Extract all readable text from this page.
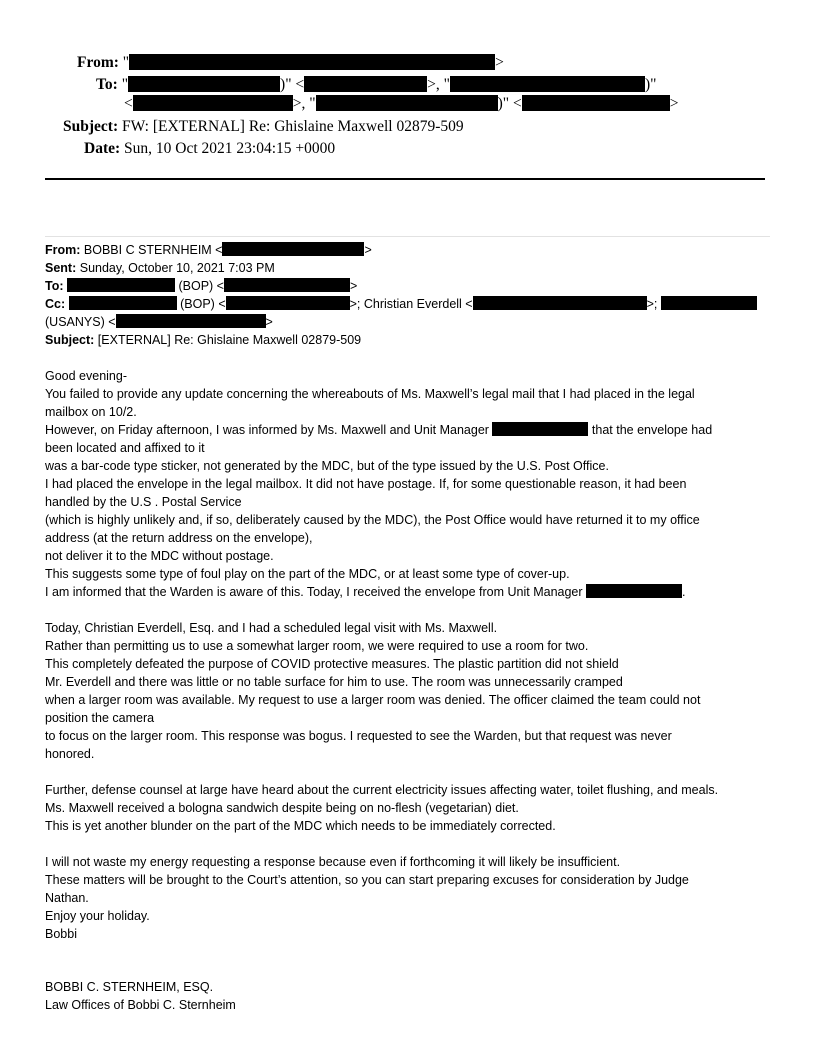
From: "	>
To: "	)" <	>, "	)"
<	>, "	)" <	>
Subject: FW: [EXTERNAL] Re: Ghislaine Maxwell 02879-509
Date: Sun, 10 Oct 2021 23:04:15 +0000
From: BOBBI C STERNHEIM <	>
Sent: Sunday, October 10, 2021 7:03 PM
To:	(BOP) <	>
Cc:	(BOP) <	>; Christian Everdell <	>;
(USANYS) <	>
Subject: [EXTERNAL] Re: Ghislaine Maxwell 02879-509
Good evening-
You failed to provide any update concerning the whereabouts of Ms. Maxwell’s legal mail that I had placed in the legal
mailbox on 10/2.
However, on Friday afternoon, I was informed by Ms. Maxwell and Unit Manager	that the envelope had
been located and affixed to it
was a bar-code type sticker, not generated by the MDC, but of the type issued by the U.S. Post Office.
I had placed the envelope in the legal mailbox. It did not have postage. If, for some questionable reason, it had been
handled by the U.S . Postal Service
(which is highly unlikely and, if so, deliberately caused by the MDC), the Post Office would have returned it to my office
address (at the return address on the envelope),
not deliver it to the MDC without postage.
This suggests some type of foul play on the part of the MDC, or at least some type of cover-up.
I am informed that the Warden is aware of this. Today, I received the envelope from Unit Manager	.
Today, Christian Everdell, Esq. and I had a scheduled legal visit with Ms. Maxwell.
Rather than permitting us to use a somewhat larger room, we were required to use a room for two.
This completely defeated the purpose of COVID protective measures. The plastic partition did not shield
Mr. Everdell and there was little or no table surface for him to use. The room was unnecessarily cramped
when a larger room was available. My request to use a larger room was denied. The officer claimed the team could not
position the camera
to focus on the larger room. This response was bogus. I requested to see the Warden, but that request was never
honored.
Further, defense counsel at large have heard about the current electricity issues affecting water, toilet flushing, and meals.
Ms. Maxwell received a bologna sandwich despite being on no-flesh (vegetarian) diet.
This is yet another blunder on the part of the MDC which needs to be immediately corrected.
I will not waste my energy requesting a response because even if forthcoming it will likely be insufficient.
These matters will be brought to the Court’s attention, so you can start preparing excuses for consideration by Judge
Nathan.
Enjoy your holiday.
Bobbi
BOBBI C. STERNHEIM, ESQ.
Law Offices of Bobbi C. Sternheim
